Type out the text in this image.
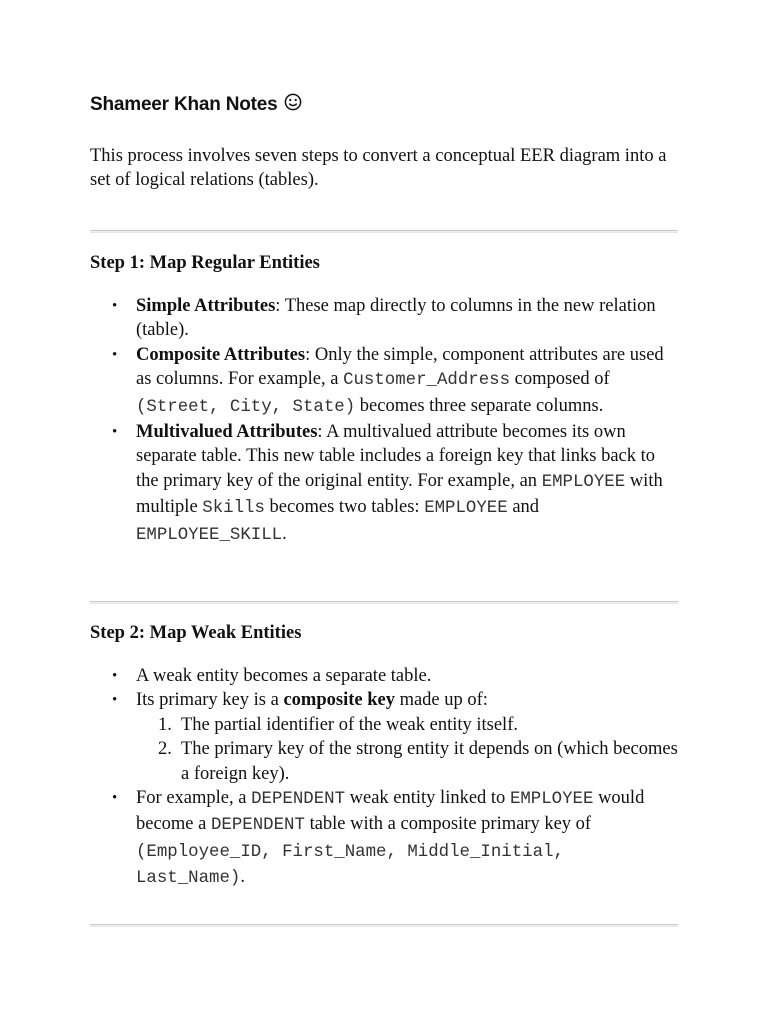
Shameer Khan Notes
This process involves seven steps to convert a conceptual EER diagram into a set of logical relations (tables).
Step 1: Map Regular Entities
• Simple Attributes: These map directly to columns in the new relation (table).
• Composite Attributes: Only the simple, component attributes are used as columns. For example, a Customer_Address composed of (Street, City, State) becomes three separate columns.
• Multivalued Attributes: A multivalued attribute becomes its own separate table. This new table includes a foreign key that links back to the primary key of the original entity. For example, an EMPLOYEE with multiple Skills becomes two tables: EMPLOYEE and EMPLOYEE_SKILL.
Step 2: Map Weak Entities
• A weak entity becomes a separate table.
• Its primary key is a composite key made up of:
1. The partial identifier of the weak entity itself.
2. The primary key of the strong entity it depends on (which becomes a foreign key).
• For example, a DEPENDENT weak entity linked to EMPLOYEE would become a DEPENDENT table with a composite primary key of (Employee_ID, First_Name, Middle_Initial, Last_Name).
